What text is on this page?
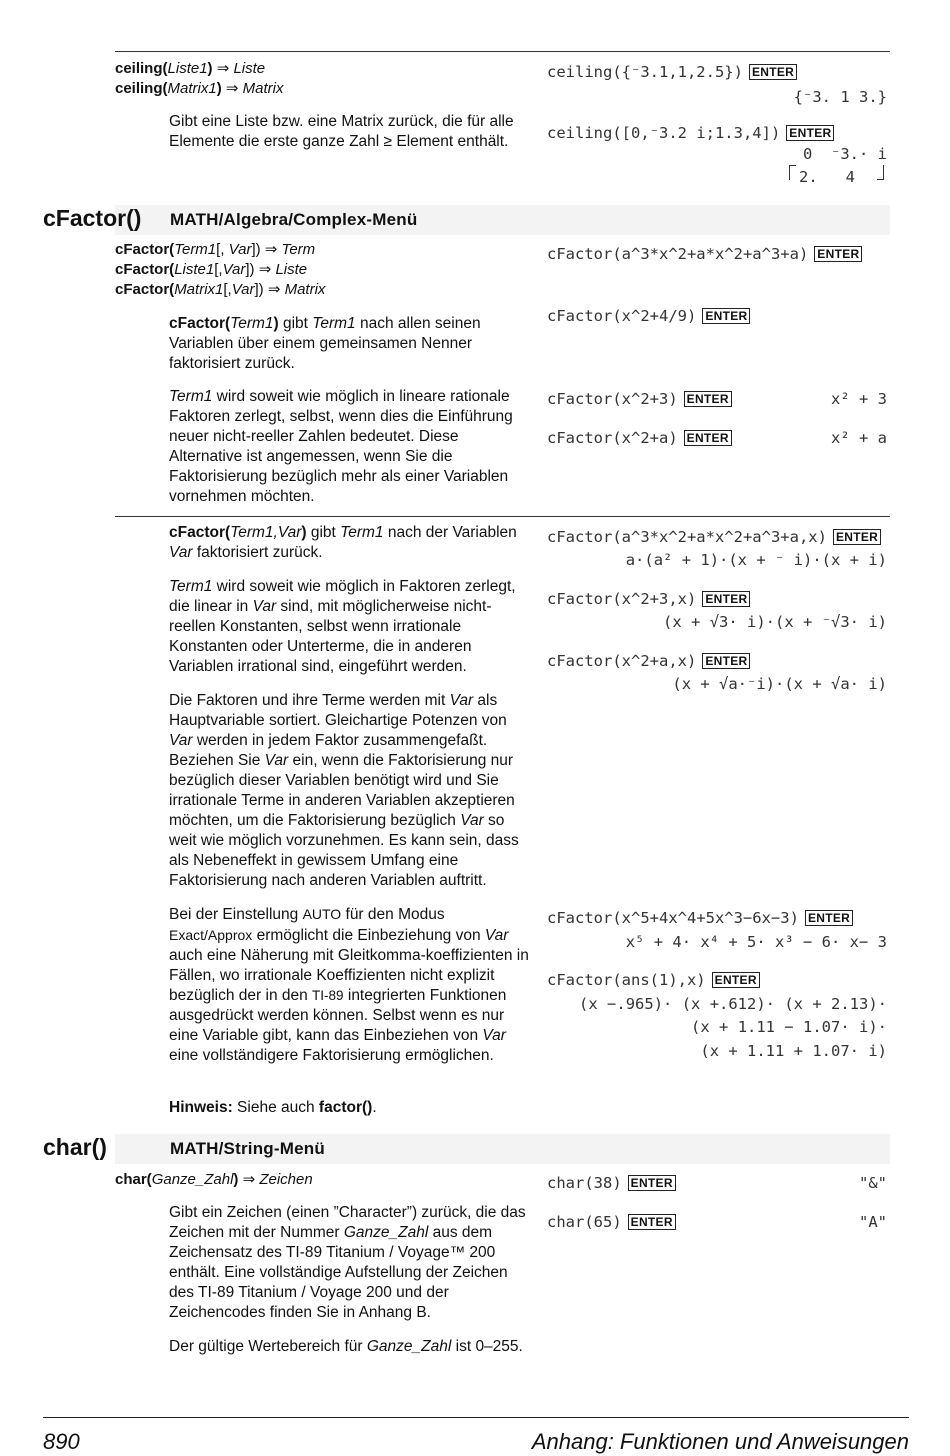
ceiling(Liste1) ⇒ Liste
ceiling(Matrix1) ⇒ Matrix
Gibt eine Liste bzw. eine Matrix zurück, die für alle Elemente die erste ganze Zahl ≥ Element enthält.
ceiling({⁻3.1,1,2.5}) ENTER
{⁻3. 1 3.}
ceiling([0,⁻3.2 i;1.3,4]) ENTER
0  ⁻3.· i
2.   4
cFactor() MATH/Algebra/Complex-Menü
cFactor(Term1[, Var]) ⇒ Term
cFactor(Liste1[,Var]) ⇒ Liste
cFactor(Matrix1[,Var]) ⇒ Matrix
cFactor(Term1) gibt Term1 nach allen seinen Variablen über einem gemeinsamen Nenner faktorisiert zurück.
Term1 wird soweit wie möglich in lineare rationale Faktoren zerlegt, selbst, wenn dies die Einführung neuer nicht-reeller Zahlen bedeutet. Diese Alternative ist angemessen, wenn Sie die Faktorisierung bezüglich mehr als einer Variablen vornehmen möchten.
cFactor(a^3*x^2+a*x^2+a^3+a) ENTER
cFactor(x^2+4/9) ENTER
cFactor(x^2+3) ENTER	x² + 3
cFactor(x^2+a) ENTER	x² + a
cFactor(Term1,Var) gibt Term1 nach der Variablen Var faktorisiert zurück.
Term1 wird soweit wie möglich in Faktoren zerlegt, die linear in Var sind, mit möglicherweise nicht-reellen Konstanten, selbst wenn irrationale Konstanten oder Unterterme, die in anderen Variablen irrational sind, eingeführt werden.
Die Faktoren und ihre Terme werden mit Var als Hauptvariable sortiert. Gleichartige Potenzen von Var werden in jedem Faktor zusammengefaßt. Beziehen Sie Var ein, wenn die Faktorisierung nur bezüglich dieser Variablen benötigt wird und Sie irrationale Terme in anderen Variablen akzeptieren möchten, um die Faktorisierung bezüglich Var so weit wie möglich vorzunehmen. Es kann sein, dass als Nebeneffekt in gewissem Umfang eine Faktorisierung nach anderen Variablen auftritt.
Bei der Einstellung AUTO für den Modus Exact/Approx ermöglicht die Einbeziehung von Var auch eine Näherung mit Gleitkomma-koeffizienten in Fällen, wo irrationale Koeffizienten nicht explizit bezüglich der in den TI-89 integrierten Funktionen ausgedrückt werden können. Selbst wenn es nur eine Variable gibt, kann das Einbeziehen von Var eine vollständigere Faktorisierung ermöglichen.
Hinweis: Siehe auch factor().
cFactor(a^3*x^2+a*x^2+a^3+a,x) ENTER
a·(a² + 1)·(x + ⁻ i)·(x + i)
cFactor(x^2+3,x) ENTER
(x + √3· i)·(x + ⁻√3· i)
cFactor(x^2+a,x) ENTER
(x + √a·⁻i)·(x + √a· i)
cFactor(x^5+4x^4+5x^3−6x−3) ENTER
x⁵ + 4· x⁴ + 5· x³ − 6· x− 3
cFactor(ans(1),x) ENTER
(x −.965)· (x +.612)· (x + 2.13)·
(x + 1.11 − 1.07· i)·
(x + 1.11 + 1.07· i)
char()	MATH/String-Menü
char(Ganze_Zahl) ⇒ Zeichen
Gibt ein Zeichen (einen ”Character”) zurück, die das Zeichen mit der Nummer Ganze_Zahl aus dem Zeichensatz des TI-89 Titanium / Voyage™ 200 enthält. Eine vollständige Aufstellung der Zeichen des TI-89 Titanium / Voyage 200 und der Zeichencodes finden Sie in Anhang B.
Der gültige Wertebereich für Ganze_Zahl ist 0–255.
char(38) ENTER	"&"
char(65) ENTER	"A"
890	Anhang: Funktionen und Anweisungen
